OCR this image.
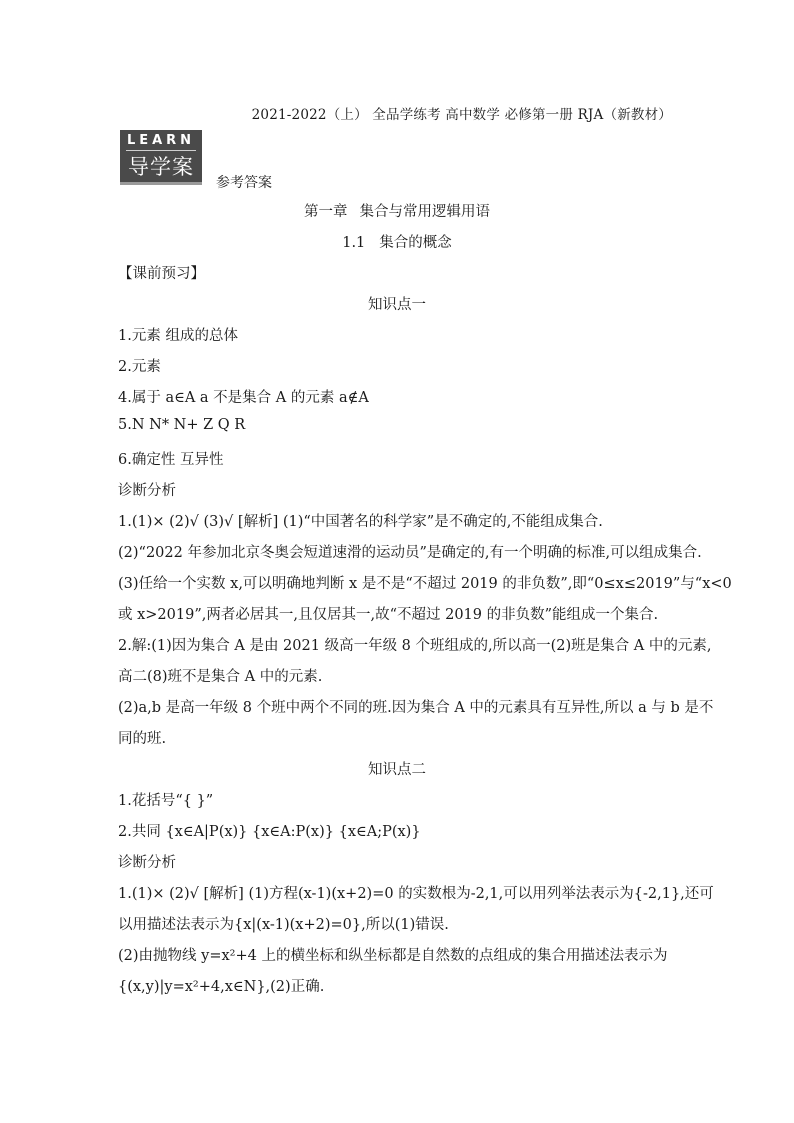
2021-2022（上） 全品学练考 高中数学 必修第一册 RJA（新教材）
LEARN
导学案
参考答案
第一章 集合与常用逻辑用语
1.1 集合的概念
【课前预习】
知识点一
1.元素 组成的总体
2.元素
4.属于 a∈A a 不是集合 A 的元素 a∉A
5.N N* N+ Z Q R
6.确定性 互异性
诊断分析
1.(1)× (2)√ (3)√ [解析] (1)“中国著名的科学家”是不确定的,不能组成集合.
(2)“2022 年参加北京冬奥会短道速滑的运动员”是确定的,有一个明确的标准,可以组成集合.
(3)任给一个实数 x,可以明确地判断 x 是不是“不超过 2019 的非负数”,即“0≤x≤2019”与“x<0
或 x>2019”,两者必居其一,且仅居其一,故“不超过 2019 的非负数”能组成一个集合.
2.解:(1)因为集合 A 是由 2021 级高一年级 8 个班组成的,所以高一(2)班是集合 A 中的元素,
高二(8)班不是集合 A 中的元素.
(2)a,b 是高一年级 8 个班中两个不同的班.因为集合 A 中的元素具有互异性,所以 a 与 b 是不
同的班.
知识点二
1.花括号“{ }”
2.共同 {x∈A|P(x)} {x∈A:P(x)} {x∈A;P(x)}
诊断分析
1.(1)× (2)√ [解析] (1)方程(x-1)(x+2)=0 的实数根为-2,1,可以用列举法表示为{-2,1},还可
以用描述法表示为{x|(x-1)(x+2)=0},所以(1)错误.
(2)由抛物线 y=x²+4 上的横坐标和纵坐标都是自然数的点组成的集合用描述法表示为
{(x,y)|y=x²+4,x∈N},(2)正确.
